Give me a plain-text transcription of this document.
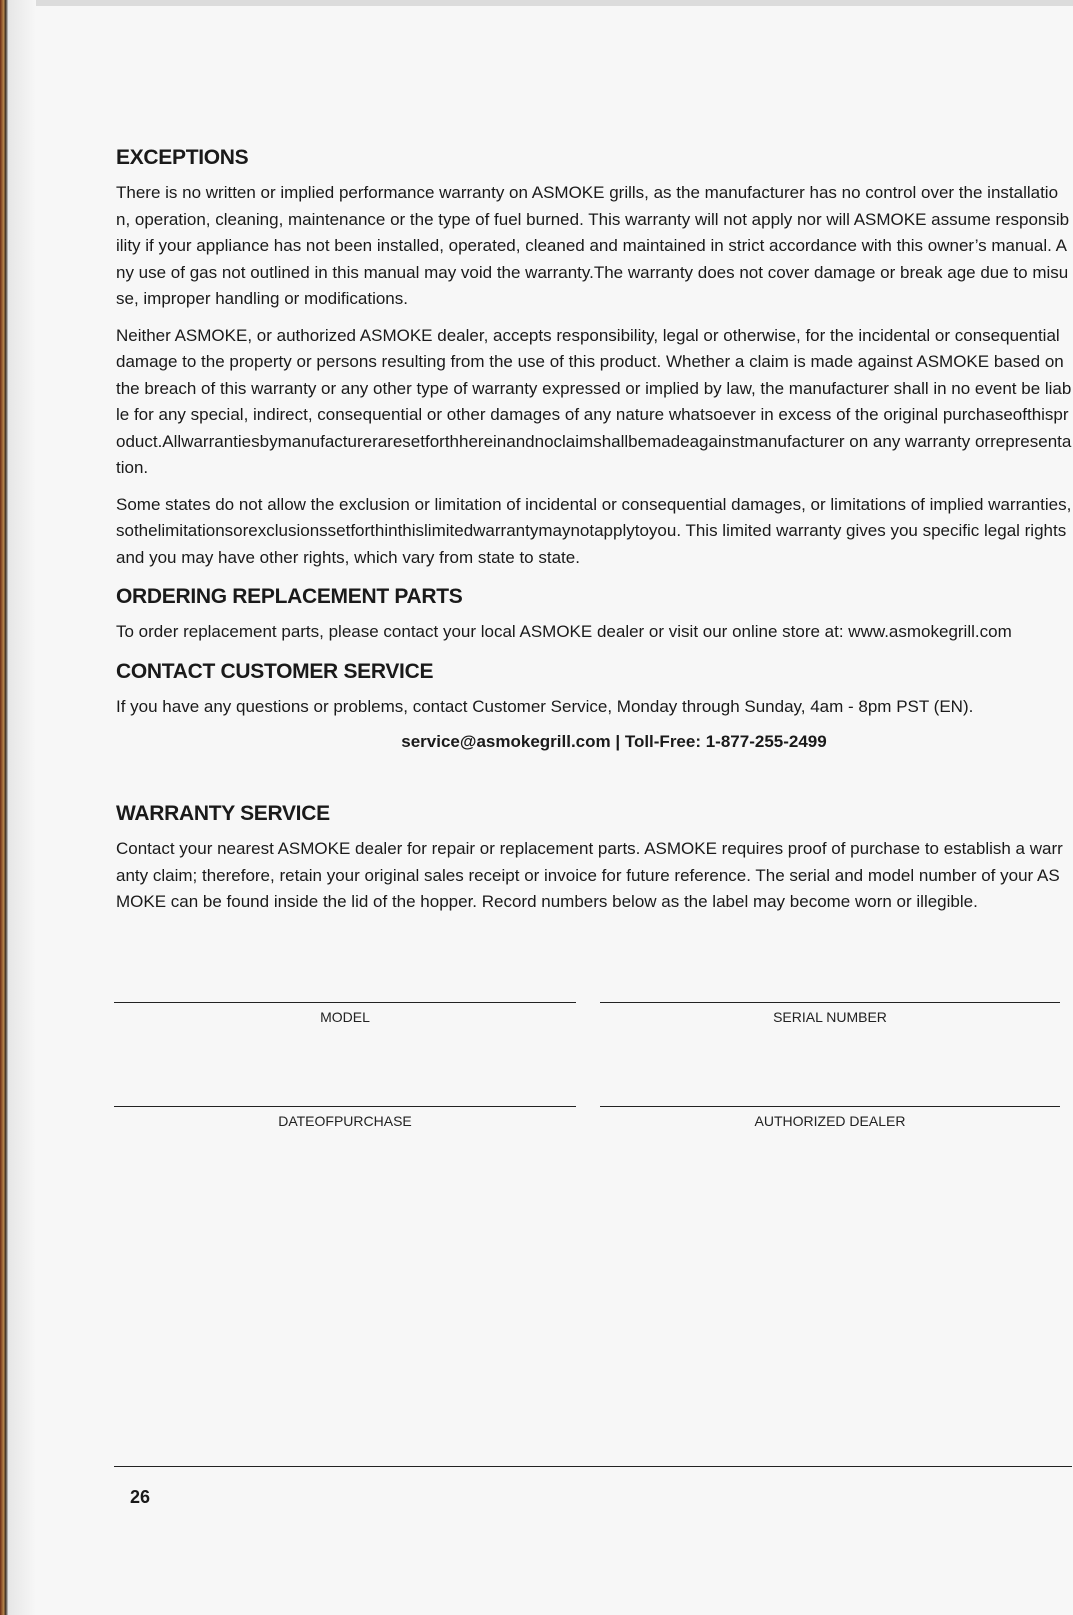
EXCEPTIONS

There is no written or implied performance warranty on ASMOKE grills, as the manufacturer has no control over the installation, operation, cleaning, maintenance or the type of fuel burned. This warranty will not apply nor will ASMOKE assume responsibility if your appliance has not been installed, operated, cleaned and maintained in strict accordance with this owner’s manual. Any use of gas not outlined in this manual may void the warranty.The warranty does not cover damage or break age due to misuse, improper handling or modifications.

Neither ASMOKE, or authorized ASMOKE dealer, accepts responsibility, legal or otherwise, for the incidental or consequential damage to the property or persons resulting from the use of this product. Whether a claim is made against ASMOKE based on the breach of this warranty or any other type of warranty expressed or implied by law, the manufacturer shall in no event be liable for any special, indirect, consequential or other damages of any nature whatsoever in excess of the original purchaseofthisproduct.Allwarrantiesbymanufactureraresetforthhereinandnoclaimshallbemadeagainstmanufacturer on any warranty orrepresentation.

Some states do not allow the exclusion or limitation of incidental or consequential damages, or limitations of implied warranties, sothelimitationsorexclusionssetforthinthislimitedwarrantymaynotapplytoyou. This limited warranty gives you specific legal rights and you may have other rights, which vary from state to state.

ORDERING REPLACEMENT PARTS

To order replacement parts, please contact your local ASMOKE dealer or visit our online store at: www.asmokegrill.com

CONTACT CUSTOMER SERVICE

If you have any questions or problems, contact Customer Service, Monday through Sunday, 4am - 8pm PST (EN).

service@asmokegrill.com | Toll-Free: 1-877-255-2499
WARRANTY SERVICE

Contact your nearest ASMOKE dealer for repair or replacement parts. ASMOKE requires proof of purchase to establish a warranty claim; therefore, retain your original sales receipt or invoice for future reference. The serial and model number of your ASMOKE can be found inside the lid of the hopper. Record numbers below as the label may become worn or illegible.

MODEL	SERIAL NUMBER
DATEOFPURCHASE	AUTHORIZED DEALER
26
